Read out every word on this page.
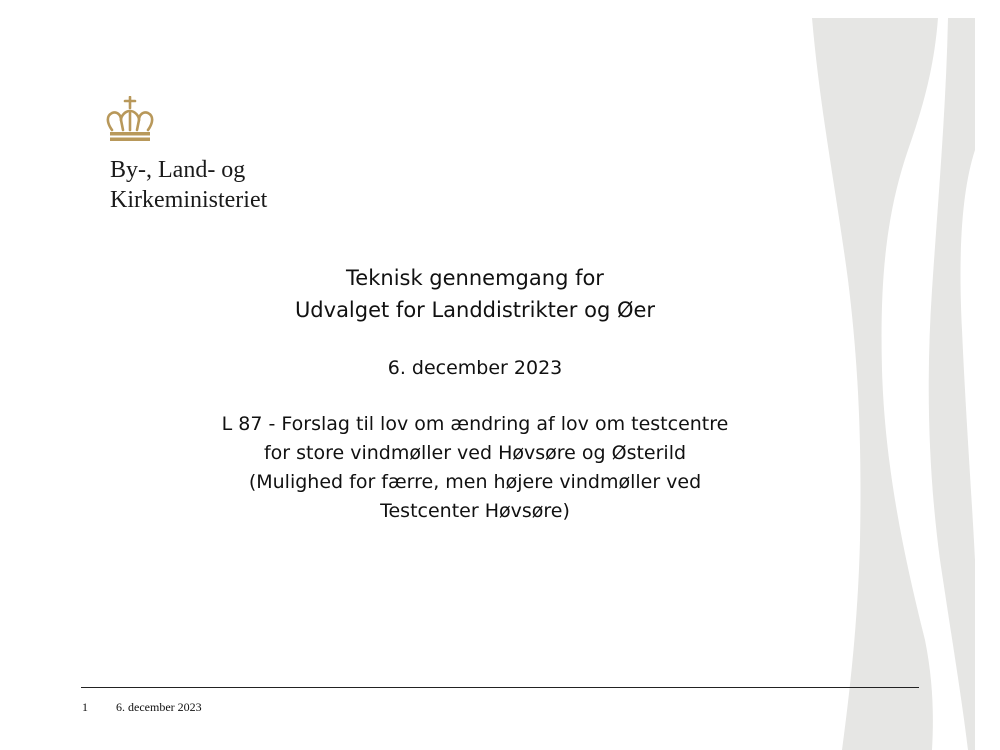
By-, Land- og
Kirkeministeriet
Teknisk gennemgang for
Udvalget for Landdistrikter og Øer
6. december 2023
L 87 - Forslag til lov om ændring af lov om testcentre
for store vindmøller ved Høvsøre og Østerild
(Mulighed for færre, men højere vindmøller ved
Testcenter Høvsøre)
1 6. december 2023
